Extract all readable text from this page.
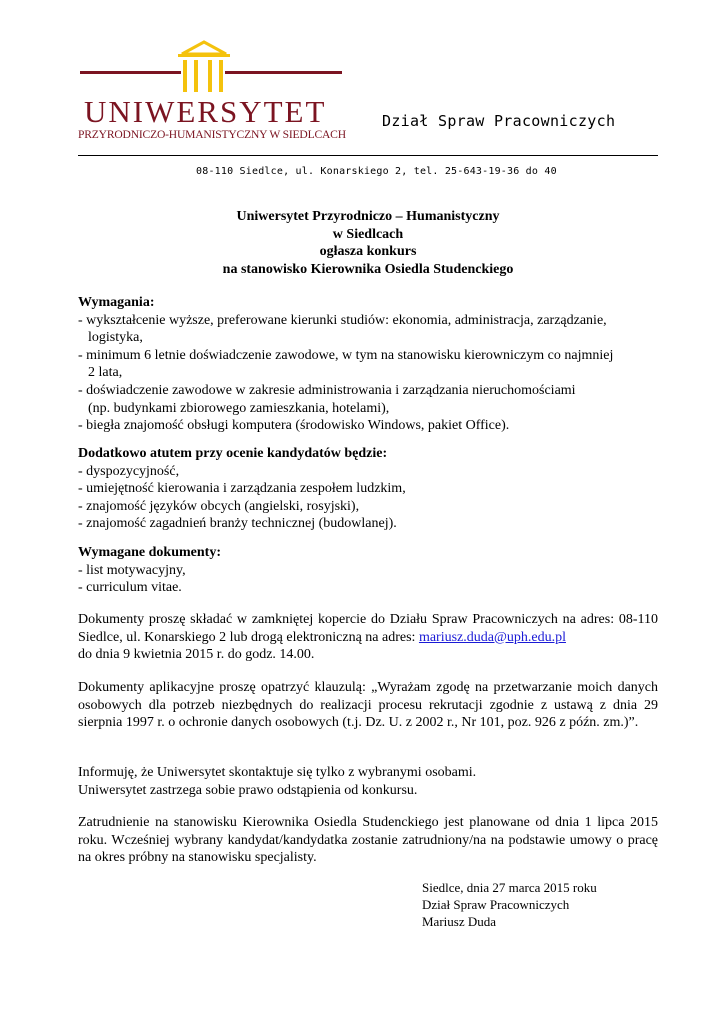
UNIWERSYTET
PRZYRODNICZO-HUMANISTYCZNY W SIEDLCACH
Dział Spraw Pracowniczych
08-110 Siedlce, ul. Konarskiego 2, tel. 25-643-19-36 do 40
Uniwersytet Przyrodniczo – Humanistyczny
w Siedlcach
ogłasza konkurs
na stanowisko Kierownika Osiedla Studenckiego
Wymagania:
- wykształcenie wyższe, preferowane kierunki studiów: ekonomia, administracja, zarządzanie,
logistyka,
- minimum 6 letnie doświadczenie zawodowe, w tym na stanowisku kierowniczym co najmniej
2 lata,
- doświadczenie zawodowe w zakresie administrowania i zarządzania nieruchomościami
(np. budynkami zbiorowego zamieszkania, hotelami),
- biegła znajomość obsługi komputera (środowisko Windows, pakiet Office).
Dodatkowo atutem przy ocenie kandydatów będzie:
- dyspozycyjność,
- umiejętność kierowania i zarządzania zespołem ludzkim,
- znajomość języków obcych (angielski, rosyjski),
- znajomość zagadnień branży technicznej (budowlanej).
Wymagane dokumenty:
- list motywacyjny,
- curriculum vitae.
Dokumenty proszę składać w zamkniętej kopercie do Działu Spraw Pracowniczych na adres: 08-110 Siedlce, ul. Konarskiego 2 lub drogą elektroniczną na adres: mariusz.duda@uph.edu.pl
do dnia 9 kwietnia 2015 r. do godz. 14.00.
Dokumenty aplikacyjne proszę opatrzyć klauzulą: „Wyrażam zgodę na przetwarzanie moich danych osobowych dla potrzeb niezbędnych do realizacji procesu rekrutacji zgodnie z ustawą z dnia 29 sierpnia 1997 r. o ochronie danych osobowych (t.j. Dz. U. z 2002 r., Nr 101, poz. 926 z późn. zm.)”.
Informuję, że Uniwersytet skontaktuje się tylko z wybranymi osobami.
Uniwersytet zastrzega sobie prawo odstąpienia od konkursu.
Zatrudnienie na stanowisku Kierownika Osiedla Studenckiego jest planowane od dnia 1 lipca 2015 roku. Wcześniej wybrany kandydat/kandydatka zostanie zatrudniony/na na podstawie umowy o pracę na okres próbny na stanowisku specjalisty.
Siedlce, dnia 27 marca 2015 roku
Dział Spraw Pracowniczych
Mariusz Duda
